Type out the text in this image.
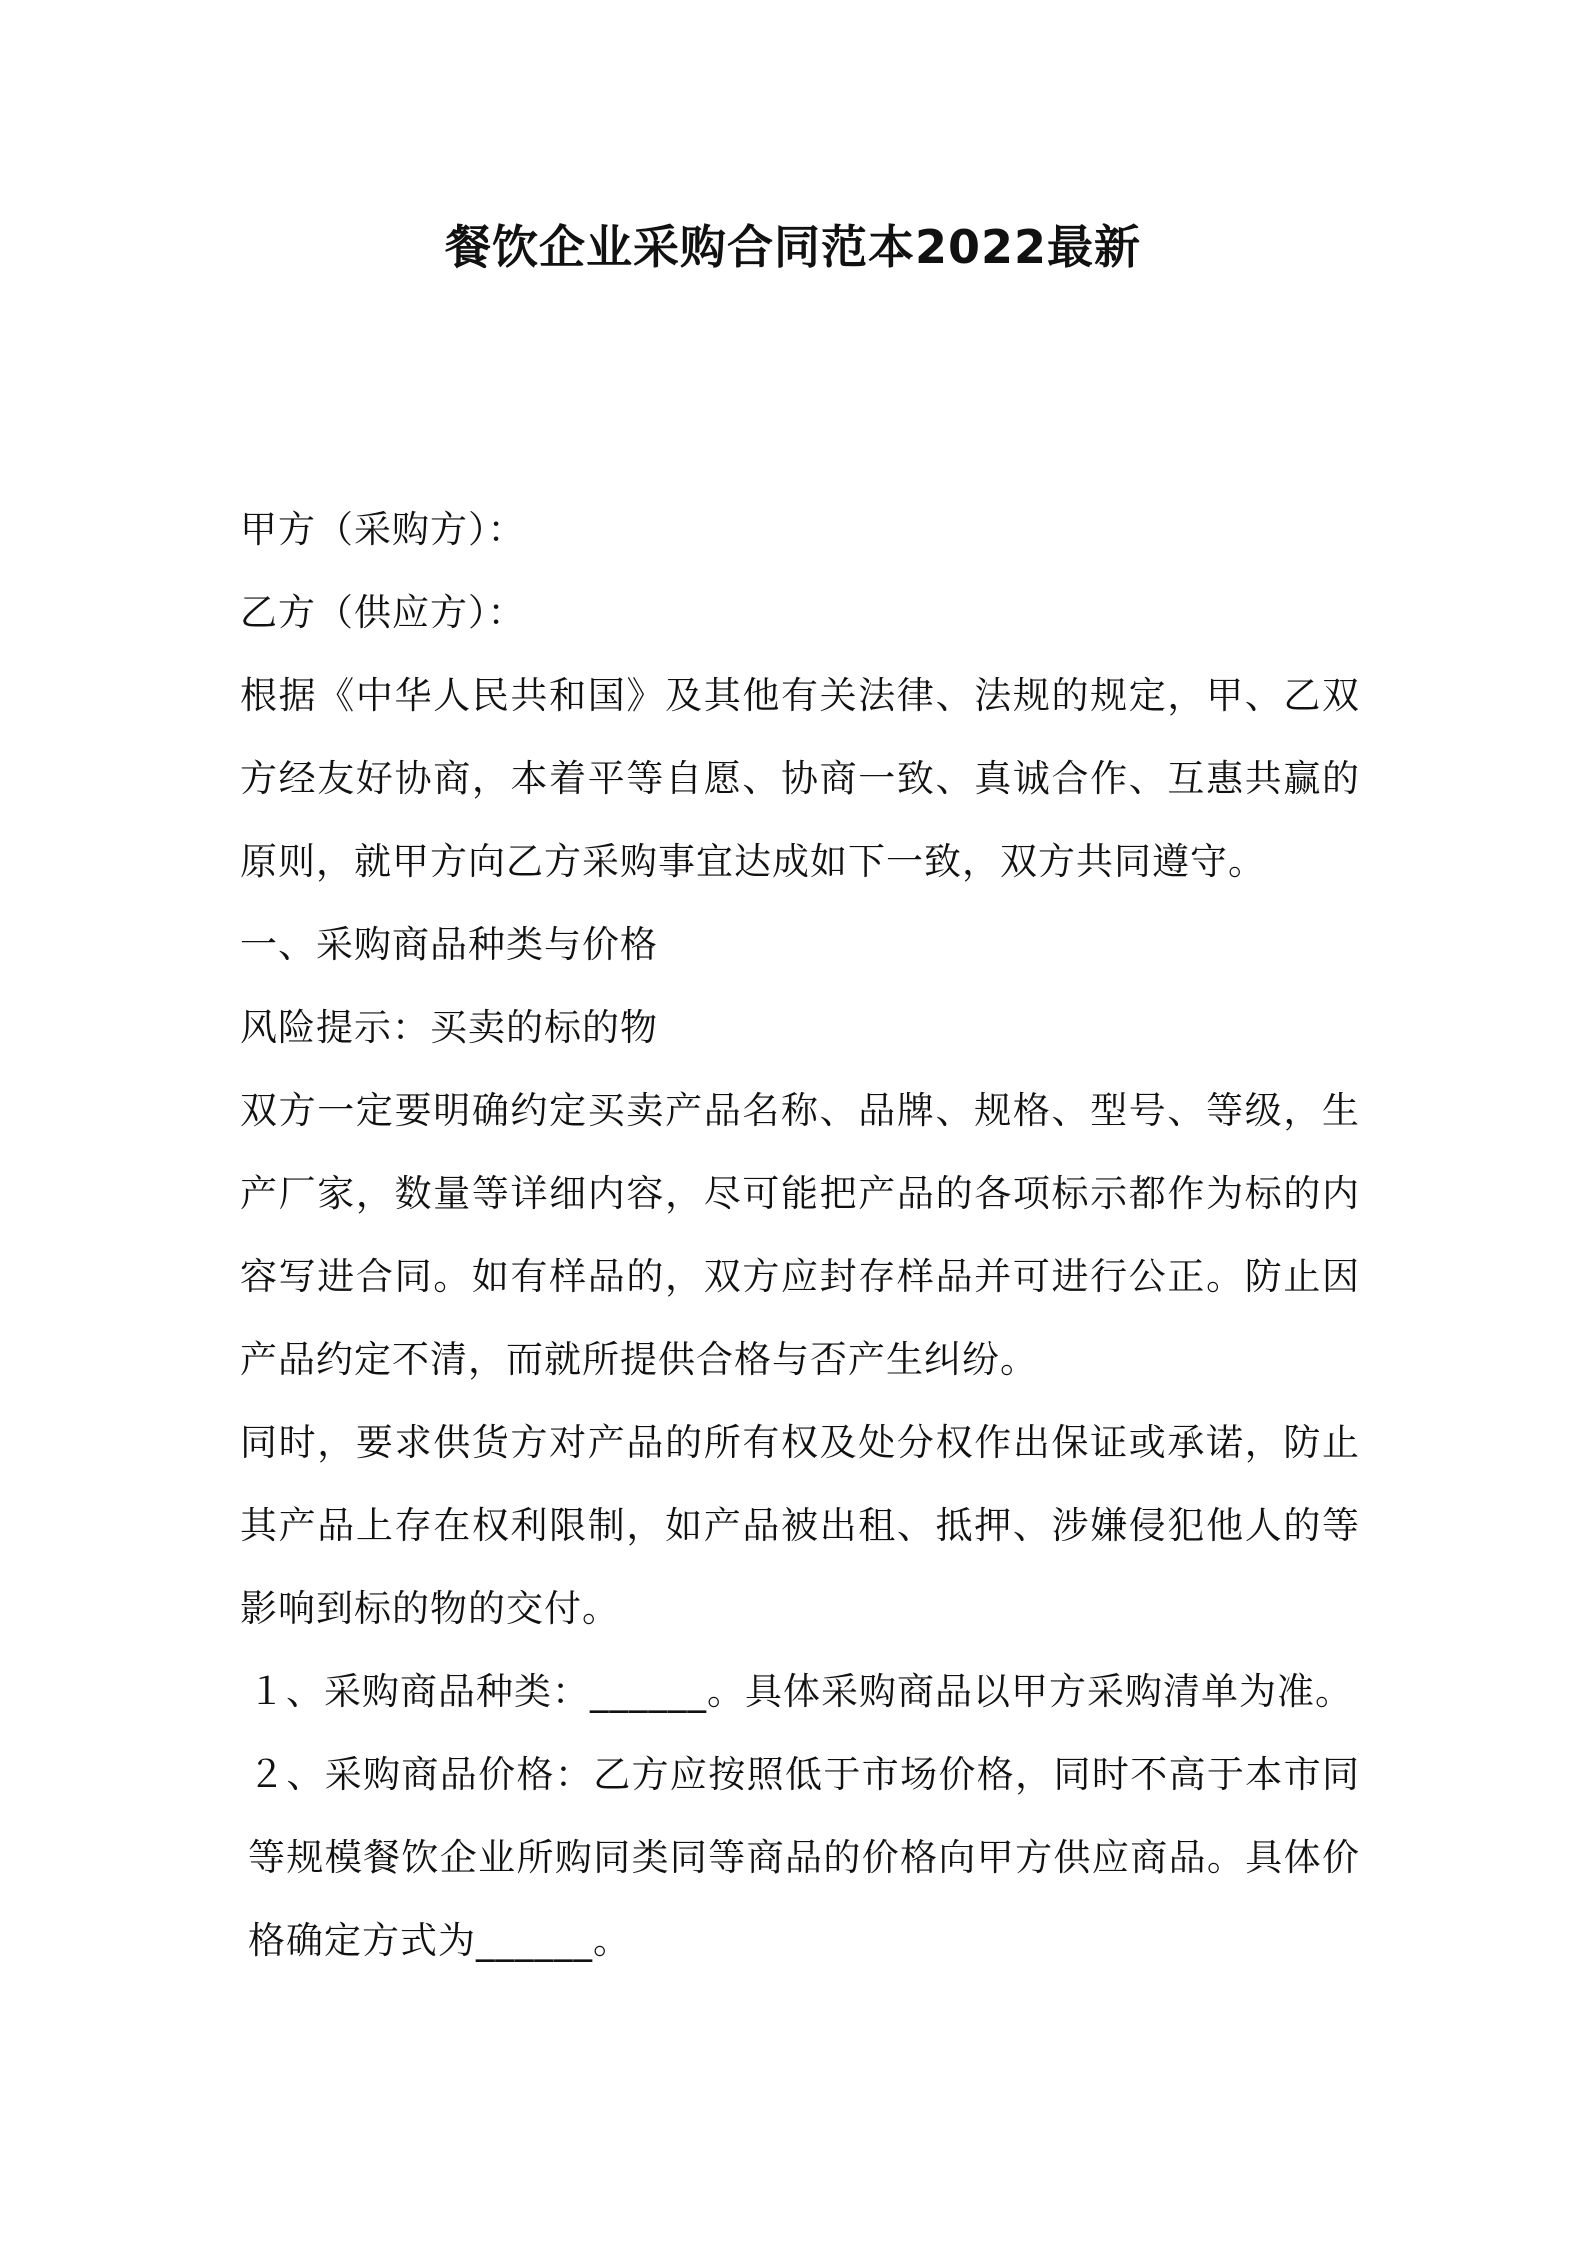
餐饮企业采购合同范本2022最新

甲方（采购方）：

乙方（供应方）：

根据《中华人民共和国》及其他有关法律、法规的规定，甲、乙双方经友好协商，本着平等自愿、协商一致、真诚合作、互惠共赢的原则，就甲方向乙方采购事宜达成如下一致，双方共同遵守。

一、采购商品种类与价格

风险提示：买卖的标的物

双方一定要明确约定买卖产品名称、品牌、规格、型号、等级，生产厂家，数量等详细内容，尽可能把产品的各项标示都作为标的内容写进合同。如有样品的，双方应封存样品并可进行公正。防止因产品约定不清，而就所提供合格与否产生纠纷。

同时，要求供货方对产品的所有权及处分权作出保证或承诺，防止其产品上存在权利限制，如产品被出租、抵押、涉嫌侵犯他人的等影响到标的物的交付。

１、采购商品种类：______。具体采购商品以甲方采购清单为准。

２、采购商品价格：乙方应按照低于市场价格，同时不高于本市同等规模餐饮企业所购同类同等商品的价格向甲方供应商品。具体价格确定方式为______。
